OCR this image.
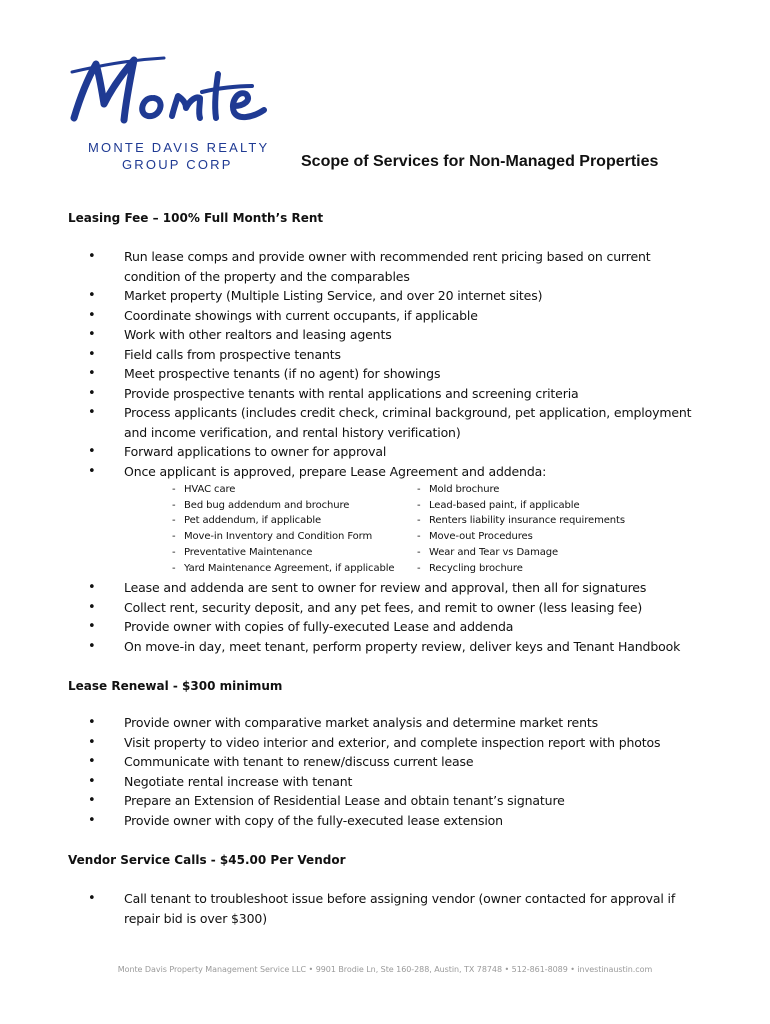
MONTE DAVIS REALTY
GROUP CORP	Scope of Services for Non-Managed Properties
Leasing Fee – 100% Full Month’s Rent
• Run lease comps and provide owner with recommended rent pricing based on current condition of the property and the comparables
• Market property (Multiple Listing Service, and over 20 internet sites)
• Coordinate showings with current occupants, if applicable
• Work with other realtors and leasing agents
• Field calls from prospective tenants
• Meet prospective tenants (if no agent) for showings
• Provide prospective tenants with rental applications and screening criteria
• Process applicants (includes credit check, criminal background, pet application, employment and income verification, and rental history verification)
• Forward applications to owner for approval
• Once applicant is approved, prepare Lease Agreement and addenda:
- HVAC care
- Bed bug addendum and brochure
- Pet addendum, if applicable
- Move-in Inventory and Condition Form
- Preventative Maintenance
- Yard Maintenance Agreement, if applicable
- Mold brochure
- Lead-based paint, if applicable
- Renters liability insurance requirements
- Move-out Procedures
- Wear and Tear vs Damage
- Recycling brochure
• Lease and addenda are sent to owner for review and approval, then all for signatures
• Collect rent, security deposit, and any pet fees, and remit to owner (less leasing fee)
• Provide owner with copies of fully-executed Lease and addenda
• On move-in day, meet tenant, perform property review, deliver keys and Tenant Handbook
Lease Renewal - $300 minimum
• Provide owner with comparative market analysis and determine market rents
• Visit property to video interior and exterior, and complete inspection report with photos
• Communicate with tenant to renew/discuss current lease
• Negotiate rental increase with tenant
• Prepare an Extension of Residential Lease and obtain tenant’s signature
• Provide owner with copy of the fully-executed lease extension
Vendor Service Calls - $45.00 Per Vendor
• Call tenant to troubleshoot issue before assigning vendor (owner contacted for approval if repair bid is over $300)
Monte Davis Property Management Service LLC • 9901 Brodie Ln, Ste 160-288, Austin, TX 78748 • 512-861-8089 • investinaustin.com
